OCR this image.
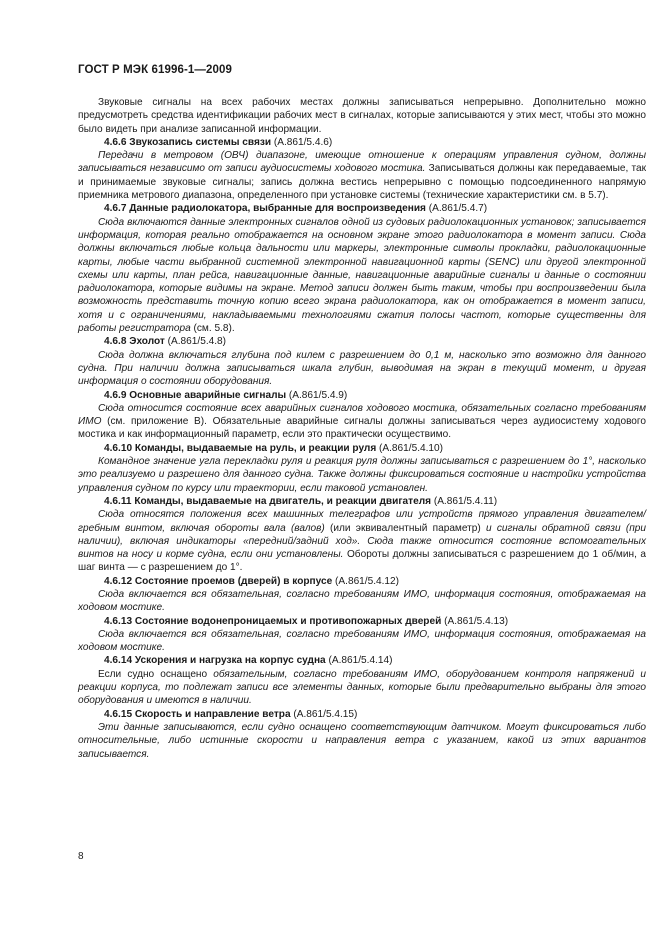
ГОСТ Р МЭК 61996-1—2009

Звуковые сигналы на всех рабочих местах должны записываться непрерывно. Дополнительно можно предусмотреть средства идентификации рабочих мест в сигналах, которые записываются у этих мест, чтобы это можно было видеть при анализе записанной информации.

4.6.6 Звукозапись системы связи (А.861/5.4.6)

Передачи в метровом (ОВЧ) диапазоне, имеющие отношение к операциям управления судном, должны записываться независимо от записи аудиосистемы ходового мостика. Записываться должны как передаваемые, так и принимаемые звуковые сигналы; запись должна вестись непрерывно с помощью подсоединенного напрямую приемника метрового диапазона, определенного при установке системы (технические характеристики см. в 5.7).

4.6.7 Данные радиолокатора, выбранные для воспроизведения (А.861/5.4.7)

Сюда включаются данные электронных сигналов одной из судовых радиолокационных установок; записывается информация, которая реально отображается на основном экране этого радиолокатора в момент записи. Сюда должны включаться любые кольца дальности или маркеры, электронные символы прокладки, радиолокационные карты, любые части выбранной системной электронной навигационной карты (SENC) или другой электронной схемы или карты, план рейса, навигационные данные, навигационные аварийные сигналы и данные о состоянии радиолокатора, которые видимы на экране. Метод записи должен быть таким, чтобы при воспроизведении была возможность представить точную копию всего экрана радиолокатора, как он отображается в момент записи, хотя и с ограничениями, накладываемыми технологиями сжатия полосы частот, которые существенны для работы регистратора (см. 5.8).

4.6.8 Эхолот (А.861/5.4.8)

Сюда должна включаться глубина под килем с разрешением до 0,1 м, насколько это возможно для данного судна. При наличии должна записываться шкала глубин, выводимая на экран в текущий момент, и другая информация о состоянии оборудования.

4.6.9 Основные аварийные сигналы (А.861/5.4.9)

Сюда относится состояние всех аварийных сигналов ходового мостика, обязательных согласно требованиям ИМО (см. приложение В). Обязательные аварийные сигналы должны записываться через аудиосистему ходового мостика и как информационный параметр, если это практически осуществимо.

4.6.10 Команды, выдаваемые на руль, и реакции руля (А.861/5.4.10)

Командное значение угла перекладки руля и реакция руля должны записываться с разрешением до 1°, насколько это реализуемо и разрешено для данного судна. Также должны фиксироваться состояние и настройки устройства управления судном по курсу или траектории, если таковой установлен.

4.6.11 Команды, выдаваемые на двигатель, и реакции двигателя (А.861/5.4.11)

Сюда относятся положения всех машинных телеграфов или устройств прямого управления двигателем/гребным винтом, включая обороты вала (валов) (или эквивалентный параметр) и сигналы обратной связи (при наличии), включая индикаторы «передний/задний ход». Сюда также относится состояние вспомогательных винтов на носу и корме судна, если они установлены. Обороты должны записываться с разрешением до 1 об/мин, а шаг винта — с разрешением до 1°.

4.6.12 Состояние проемов (дверей) в корпусе (А.861/5.4.12)

Сюда включается вся обязательная, согласно требованиям ИМО, информация состояния, отображаемая на ходовом мостике.

4.6.13 Состояние водонепроницаемых и противопожарных дверей (А.861/5.4.13)

Сюда включается вся обязательная, согласно требованиям ИМО, информация состояния, отображаемая на ходовом мостике.

4.6.14 Ускорения и нагрузка на корпус судна (А.861/5.4.14)

Если судно оснащено обязательным, согласно требованиям ИМО, оборудованием контроля напряжений и реакции корпуса, то подлежат записи все элементы данных, которые были предварительно выбраны для этого оборудования и имеются в наличии.

4.6.15 Скорость и направление ветра (А.861/5.4.15)

Эти данные записываются, если судно оснащено соответствующим датчиком. Могут фиксироваться либо относительные, либо истинные скорости и направления ветра с указанием, какой из этих вариантов записывается.

8
